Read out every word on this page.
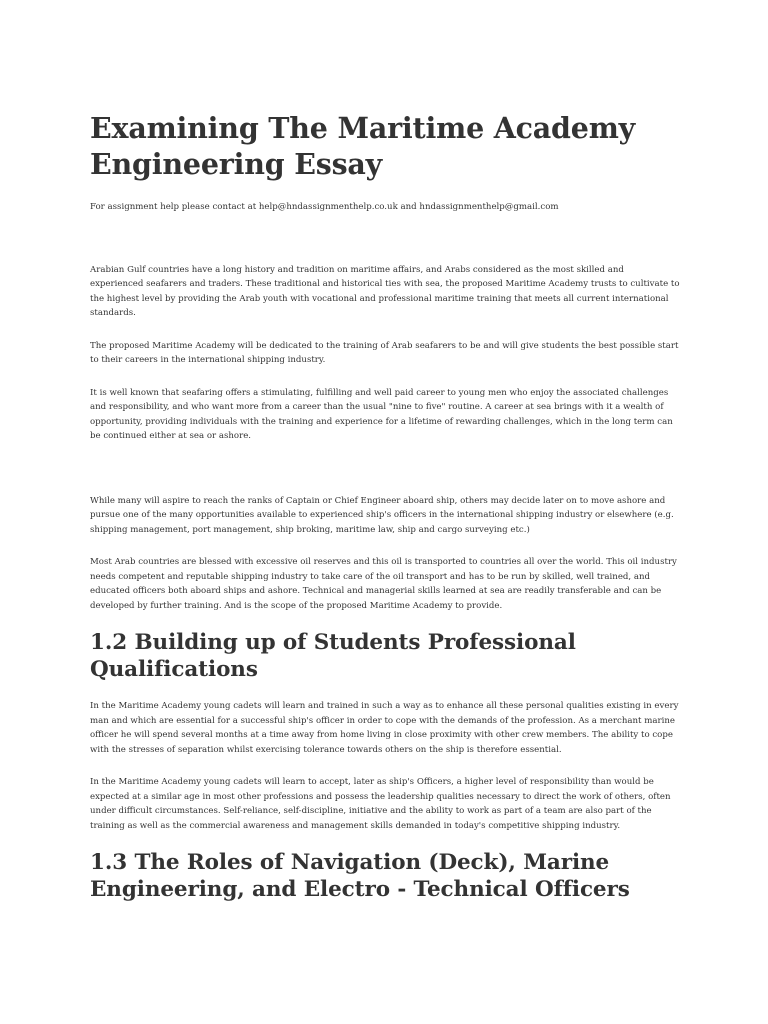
Examining The Maritime Academy Engineering Essay

For assignment help please contact at help@hndassignmenthelp.co.uk and hndassignmenthelp@gmail.com

Arabian Gulf countries have a long history and tradition on maritime affairs, and Arabs considered as the most skilled and experienced seafarers and traders. These traditional and historical ties with sea, the proposed Maritime Academy trusts to cultivate to the highest level by providing the Arab youth with vocational and professional maritime training that meets all current international standards.

The proposed Maritime Academy will be dedicated to the training of Arab seafarers to be and will give students the best possible start to their careers in the international shipping industry.

It is well known that seafaring offers a stimulating, fulfilling and well paid career to young men who enjoy the associated challenges and responsibility, and who want more from a career than the usual "nine to five" routine. A career at sea brings with it a wealth of opportunity, providing individuals with the training and experience for a lifetime of rewarding challenges, which in the long term can be continued either at sea or ashore.

While many will aspire to reach the ranks of Captain or Chief Engineer aboard ship, others may decide later on to move ashore and pursue one of the many opportunities available to experienced ship's officers in the international shipping industry or elsewhere (e.g. shipping management, port management, ship broking, maritime law, ship and cargo surveying etc.)

Most Arab countries are blessed with excessive oil reserves and this oil is transported to countries all over the world. This oil industry needs competent and reputable shipping industry to take care of the oil transport and has to be run by skilled, well trained, and educated officers both aboard ships and ashore. Technical and managerial skills learned at sea are readily transferable and can be developed by further training. And is the scope of the proposed Maritime Academy to provide.

1.2 Building up of Students Professional Qualifications

In the Maritime Academy young cadets will learn and trained in such a way as to enhance all these personal qualities existing in every man and which are essential for a successful ship's officer in order to cope with the demands of the profession. As a merchant marine officer he will spend several months at a time away from home living in close proximity with other crew members. The ability to cope with the stresses of separation whilst exercising tolerance towards others on the ship is therefore essential.

In the Maritime Academy young cadets will learn to accept, later as ship's Officers, a higher level of responsibility than would be expected at a similar age in most other professions and possess the leadership qualities necessary to direct the work of others, often under difficult circumstances. Self-reliance, self-discipline, initiative and the ability to work as part of a team are also part of the training as well as the commercial awareness and management skills demanded in today's competitive shipping industry.

1.3 The Roles of Navigation (Deck), Marine Engineering, and Electro - Technical Officers
